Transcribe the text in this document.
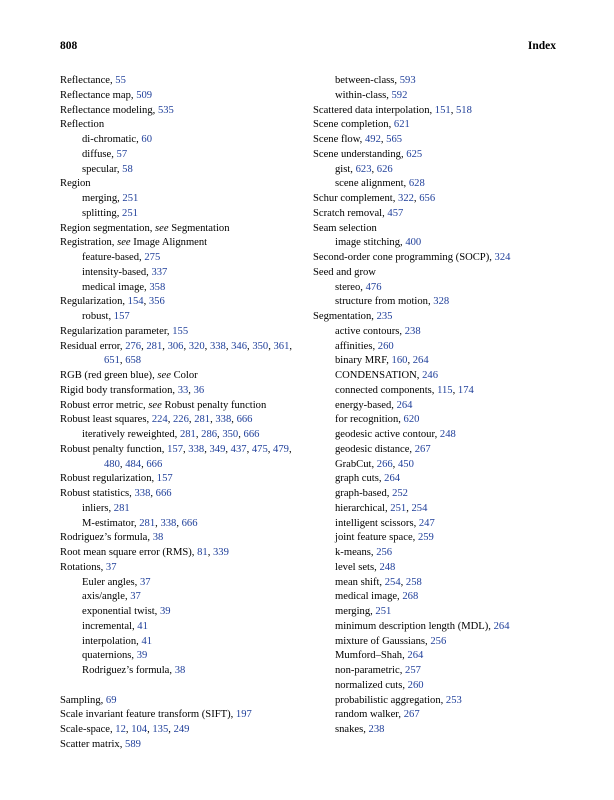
808	Index
Reflectance, 55
Reflectance map, 509
Reflectance modeling, 535
Reflection
di-chromatic, 60
diffuse, 57
specular, 58
Region
merging, 251
splitting, 251
Region segmentation, see Segmentation
Registration, see Image Alignment
feature-based, 275
intensity-based, 337
medical image, 358
Regularization, 154, 356
robust, 157
Regularization parameter, 155
Residual error, 276, 281, 306, 320, 338, 346, 350, 361, 651, 658
RGB (red green blue), see Color
Rigid body transformation, 33, 36
Robust error metric, see Robust penalty function
Robust least squares, 224, 226, 281, 338, 666
iteratively reweighted, 281, 286, 350, 666
Robust penalty function, 157, 338, 349, 437, 475, 479, 480, 484, 666
Robust regularization, 157
Robust statistics, 338, 666
inliers, 281
M-estimator, 281, 338, 666
Rodriguez’s formula, 38
Root mean square error (RMS), 81, 339
Rotations, 37
Euler angles, 37
axis/angle, 37
exponential twist, 39
incremental, 41
interpolation, 41
quaternions, 39
Rodriguez’s formula, 38
Sampling, 69
Scale invariant feature transform (SIFT), 197
Scale-space, 12, 104, 135, 249
Scatter matrix, 589
between-class, 593
within-class, 592
Scattered data interpolation, 151, 518
Scene completion, 621
Scene flow, 492, 565
Scene understanding, 625
gist, 623, 626
scene alignment, 628
Schur complement, 322, 656
Scratch removal, 457
Seam selection
image stitching, 400
Second-order cone programming (SOCP), 324
Seed and grow
stereo, 476
structure from motion, 328
Segmentation, 235
active contours, 238
affinities, 260
binary MRF, 160, 264
CONDENSATION, 246
connected components, 115, 174
energy-based, 264
for recognition, 620
geodesic active contour, 248
geodesic distance, 267
GrabCut, 266, 450
graph cuts, 264
graph-based, 252
hierarchical, 251, 254
intelligent scissors, 247
joint feature space, 259
k-means, 256
level sets, 248
mean shift, 254, 258
medical image, 268
merging, 251
minimum description length (MDL), 264
mixture of Gaussians, 256
Mumford–Shah, 264
non-parametric, 257
normalized cuts, 260
probabilistic aggregation, 253
random walker, 267
snakes, 238
